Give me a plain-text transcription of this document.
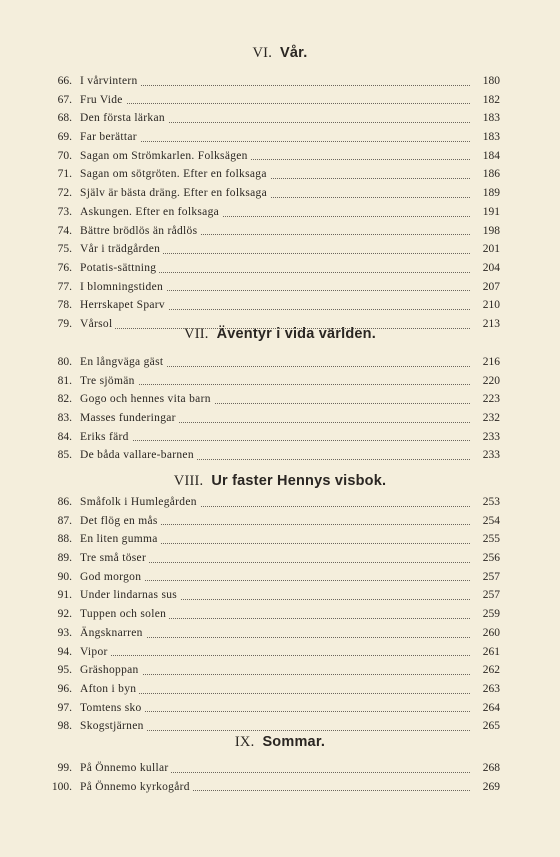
VI. Vår.
66. I vårvintern	180
67. Fru Vide	182
68. Den första lärkan	183
69. Far berättar	183
70. Sagan om Strömkarlen. Folksägen	184
71. Sagan om sötgröten. Efter en folksaga	186
72. Själv är bästa dräng. Efter en folksaga	189
73. Askungen. Efter en folksaga	191
74. Bättre brödlös än rådlös	198
75. Vår i trädgården	201
76. Potatis-sättning	204
77. I blomningstiden	207
78. Herrskapet Sparv	210
79. Vårsol	213
VII. Äventyr i vida världen.
80. En långväga gäst	216
81. Tre sjömän	220
82. Gogo och hennes vita barn	223
83. Masses funderingar	232
84. Eriks färd	233
85. De båda vallare-barnen	233
VIII. Ur faster Hennys visbok.
86. Småfolk i Humlegården	253
87. Det flög en mås	254
88. En liten gumma	255
89. Tre små töser	256
90. God morgon	257
91. Under lindarnas sus	257
92. Tuppen och solen	259
93. Ängsknarren	260
94. Vipor	261
95. Gräshoppan	262
96. Afton i byn	263
97. Tomtens sko	264
98. Skogstjärnen	265
IX. Sommar.
99. På Önnemo kullar	268
100. På Önnemo kyrkogård	269
